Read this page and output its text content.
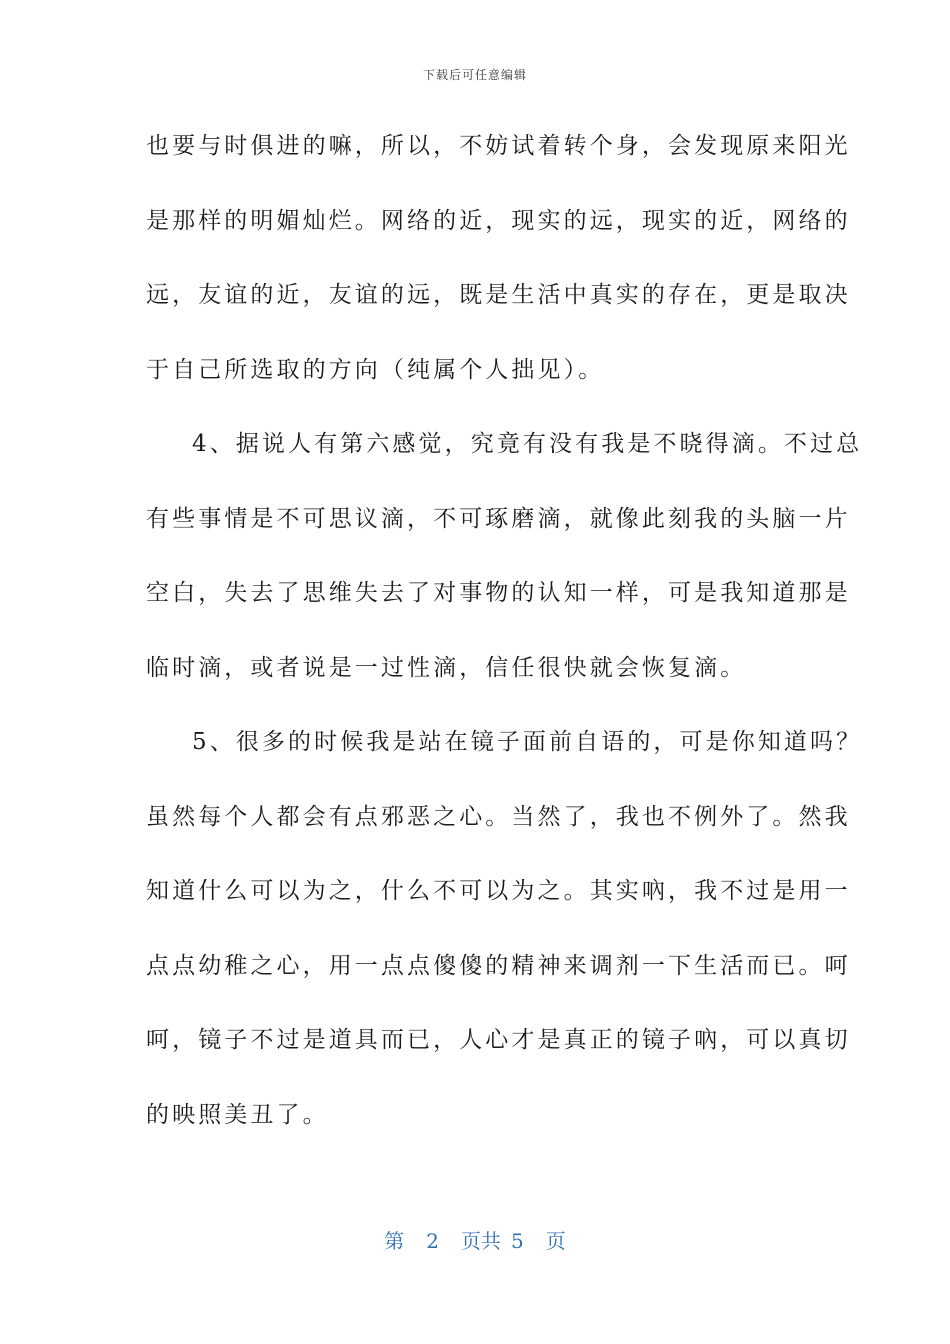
下载后可任意编辑
也要与时俱进的嘛，所以，不妨试着转个身，会发现原来阳光
是那样的明媚灿烂。网络的近，现实的远，现实的近，网络的
远，友谊的近，友谊的远，既是生活中真实的存在，更是取决
于自己所选取的方向（纯属个人拙见）。
4、据说人有第六感觉，究竟有没有我是不晓得滴。不过总
有些事情是不可思议滴，不可琢磨滴，就像此刻我的头脑一片
空白，失去了思维失去了对事物的认知一样，可是我知道那是
临时滴，或者说是一过性滴，信任很快就会恢复滴。
5、很多的时候我是站在镜子面前自语的，可是你知道吗？
虽然每个人都会有点邪恶之心。当然了，我也不例外了。然我
知道什么可以为之，什么不可以为之。其实吶，我不过是用一
点点幼稚之心，用一点点傻傻的精神来调剂一下生活而已。呵
呵，镜子不过是道具而已，人心才是真正的镜子吶，可以真切
的映照美丑了。
第 2 页共 5 页
